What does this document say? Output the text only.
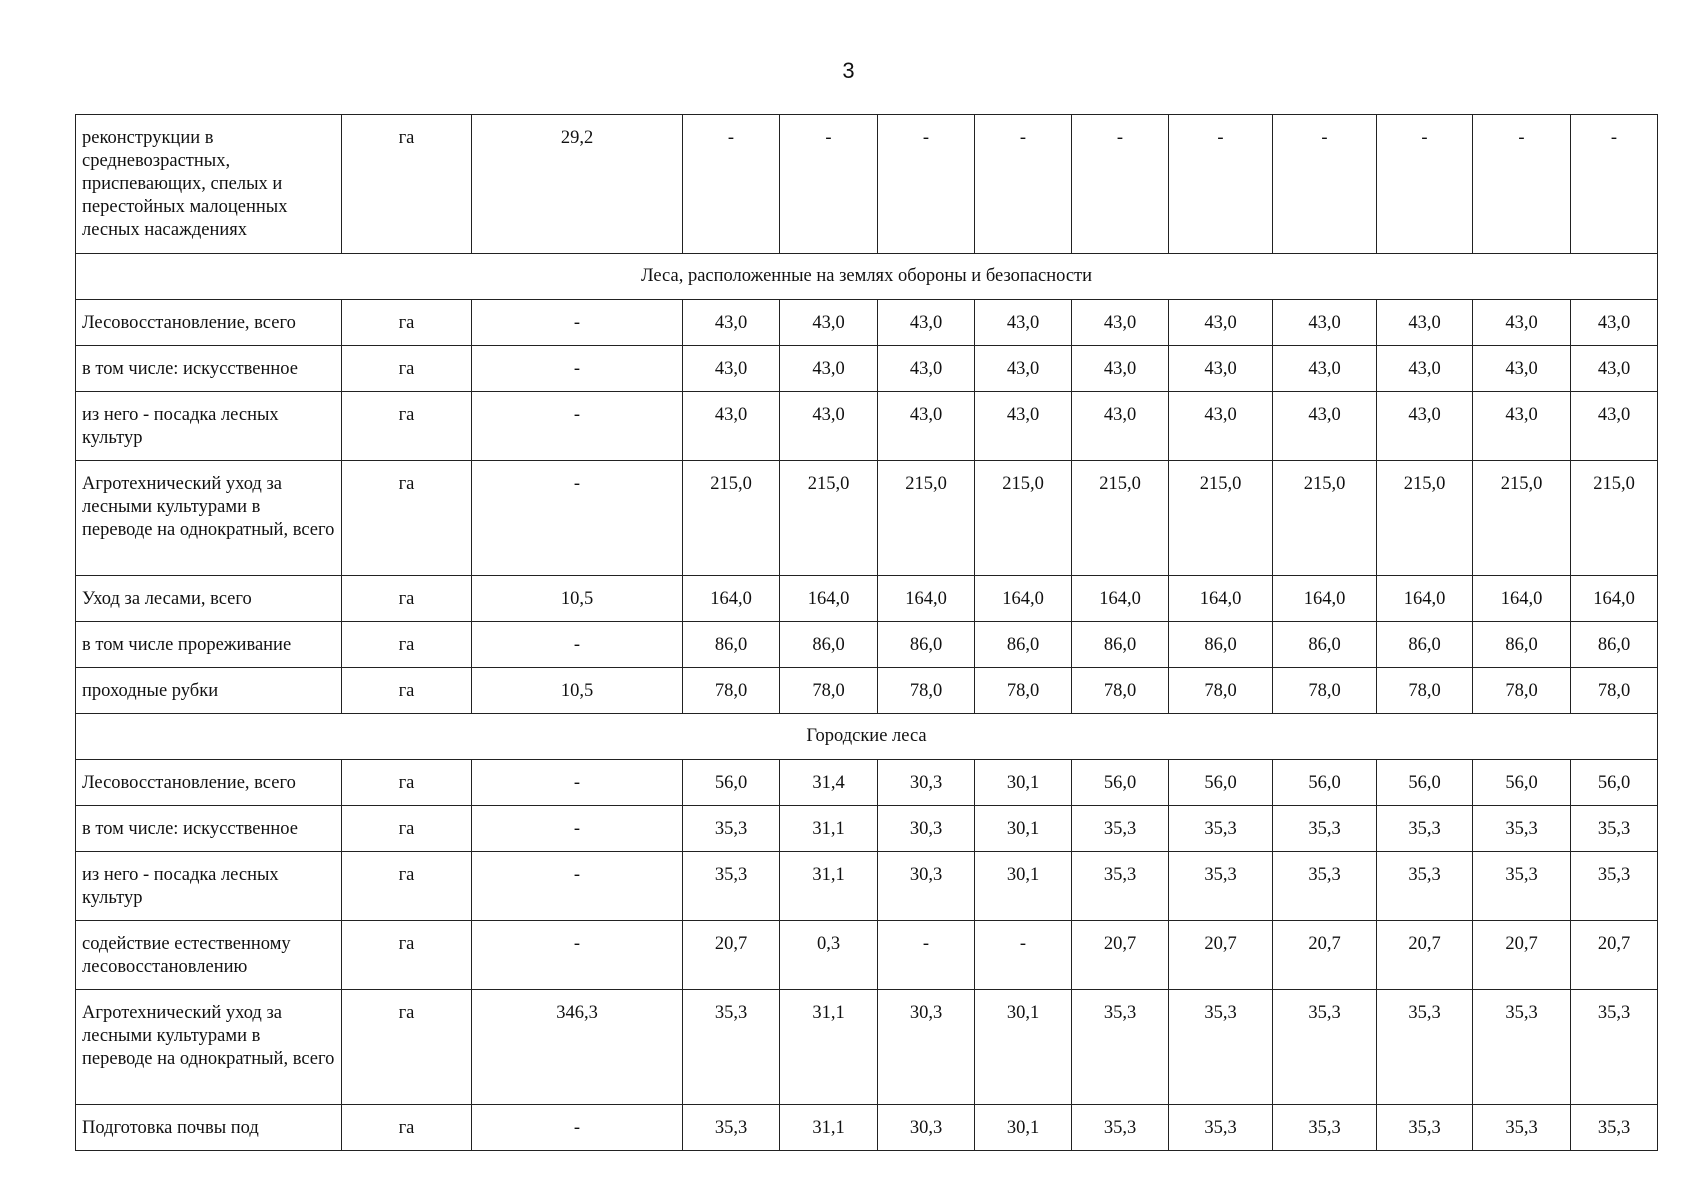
3
реконструкции в средневозрастных, приспевающих, спелых и перестойных малоценных лесных насаждениях	га	29,2	-	-	-	-	-	-	-	-	-	-
Леса, расположенные на землях обороны и безопасности												
Лесовосстановление, всего	га	-	43,0	43,0	43,0	43,0	43,0	43,0	43,0	43,0	43,0	43,0
в том числе: искусственное	га	-	43,0	43,0	43,0	43,0	43,0	43,0	43,0	43,0	43,0	43,0
из него - посадка лесных культур	га	-	43,0	43,0	43,0	43,0	43,0	43,0	43,0	43,0	43,0	43,0
Агротехнический уход за лесными культурами в переводе на однократный, всего	га	-	215,0	215,0	215,0	215,0	215,0	215,0	215,0	215,0	215,0	215,0
Уход за лесами, всего	га	10,5	164,0	164,0	164,0	164,0	164,0	164,0	164,0	164,0	164,0	164,0
в том числе прореживание	га	-	86,0	86,0	86,0	86,0	86,0	86,0	86,0	86,0	86,0	86,0
проходные рубки	га	10,5	78,0	78,0	78,0	78,0	78,0	78,0	78,0	78,0	78,0	78,0
Городские леса												
Лесовосстановление, всего	га	-	56,0	31,4	30,3	30,1	56,0	56,0	56,0	56,0	56,0	56,0
в том числе: искусственное	га	-	35,3	31,1	30,3	30,1	35,3	35,3	35,3	35,3	35,3	35,3
из него - посадка лесных культур	га	-	35,3	31,1	30,3	30,1	35,3	35,3	35,3	35,3	35,3	35,3
содействие естественному лесовосстановлению	га	-	20,7	0,3	-	-	20,7	20,7	20,7	20,7	20,7	20,7
Агротехнический уход за лесными культурами в переводе на однократный, всего	га	346,3	35,3	31,1	30,3	30,1	35,3	35,3	35,3	35,3	35,3	35,3
Подготовка почвы под	га	-	35,3	31,1	30,3	30,1	35,3	35,3	35,3	35,3	35,3	35,3
